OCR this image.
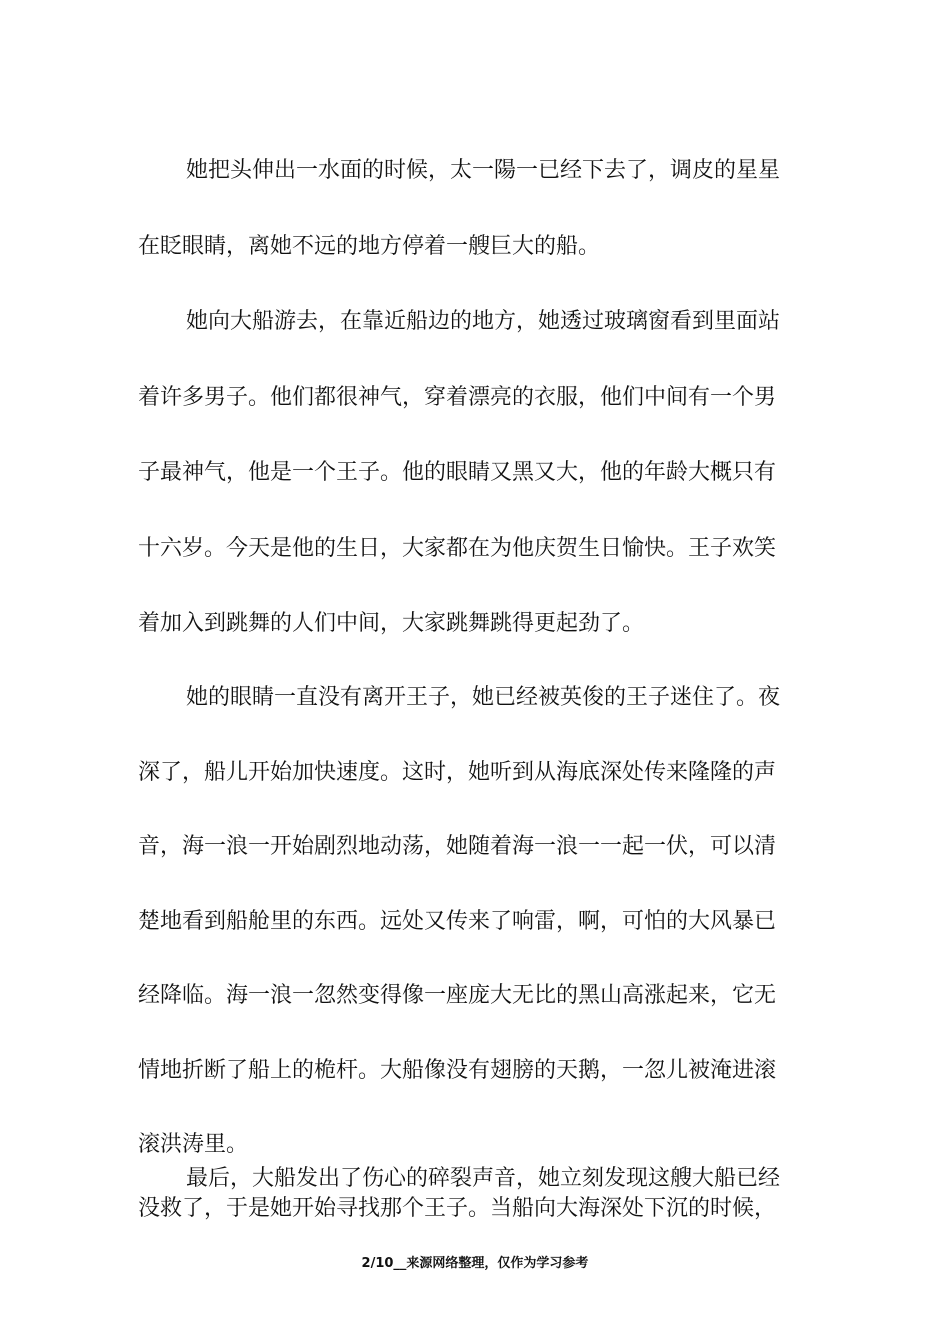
她把头伸出一水面的时候，太一陽一已经下去了，调皮的星星
在眨眼睛，离她不远的地方停着一艘巨大的船。
她向大船游去，在靠近船边的地方，她透过玻璃窗看到里面站
着许多男子。他们都很神气，穿着漂亮的衣服，他们中间有一个男
子最神气，他是一个王子。他的眼睛又黑又大，他的年龄大概只有
十六岁。今天是他的生日，大家都在为他庆贺生日愉快。王子欢笑
着加入到跳舞的人们中间，大家跳舞跳得更起劲了。
她的眼睛一直没有离开王子，她已经被英俊的王子迷住了。夜
深了，船儿开始加快速度。这时，她听到从海底深处传来隆隆的声
音，海一浪一开始剧烈地动荡，她随着海一浪一一起一伏，可以清
楚地看到船舱里的东西。远处又传来了响雷，啊，可怕的大风暴已
经降临。海一浪一忽然变得像一座庞大无比的黑山高涨起来，它无
情地折断了船上的桅杆。大船像没有翅膀的天鹅，一忽儿被淹进滚
滚洪涛里。
最后，大船发出了伤心的碎裂声音，她立刻发现这艘大船已经
没救了，于是她开始寻找那个王子。当船向大海深处下沉的时候，
2/10__来源网络整理，仅作为学习参考
